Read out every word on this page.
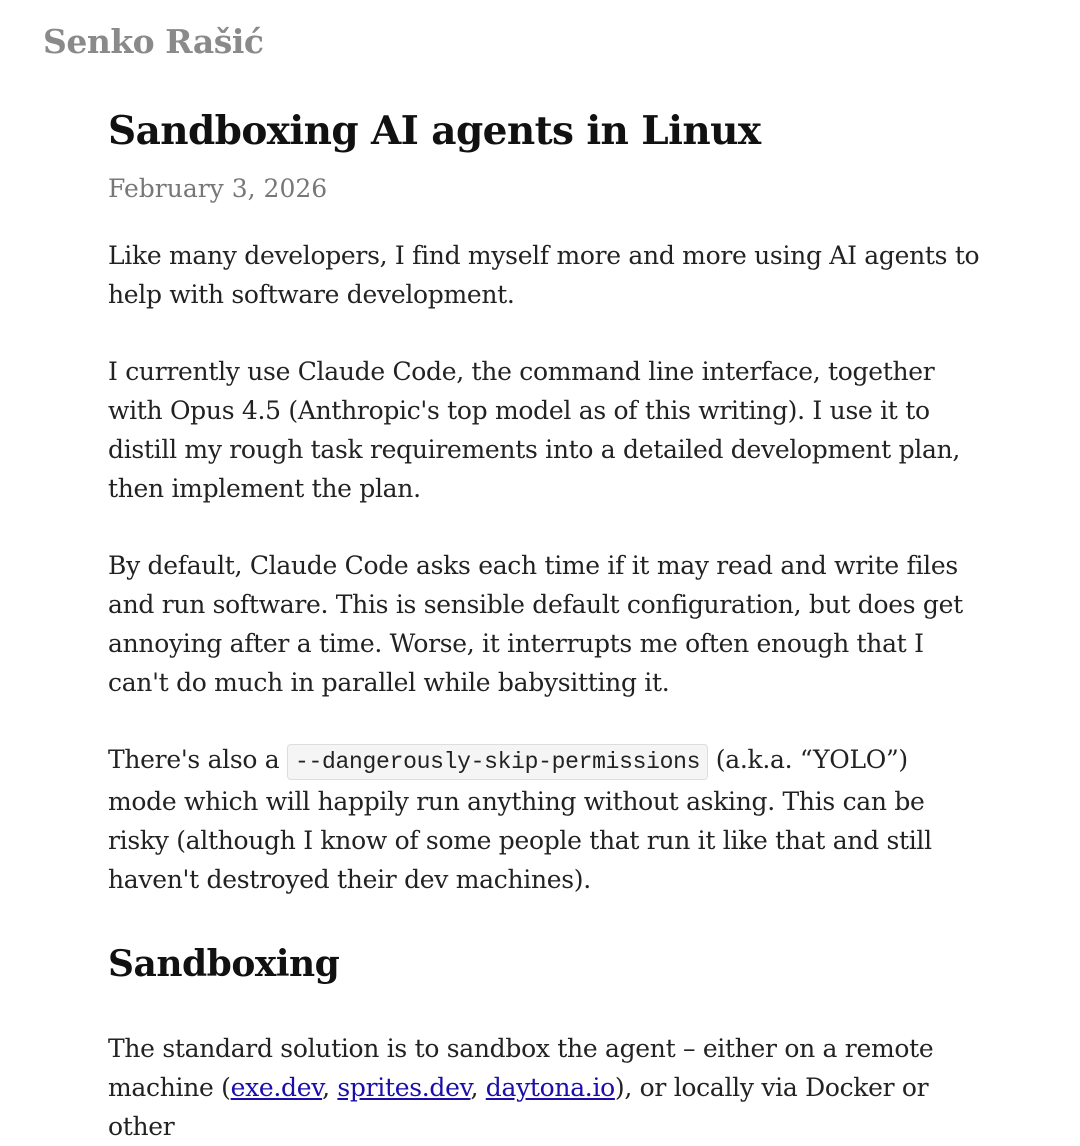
Senko Rašić
Sandboxing AI agents in Linux
February 3, 2026

Like many developers, I find myself more and more using AI agents to help with software development.

I currently use Claude Code, the command line interface, together with Opus 4.5 (Anthropic's top model as of this writing). I use it to distill my rough task requirements into a detailed development plan, then implement the plan.

By default, Claude Code asks each time if it may read and write files and run software. This is sensible default configuration, but does get annoying after a time. Worse, it interrupts me often enough that I can't do much in parallel while babysitting it.

There's also a --dangerously-skip-permissions (a.k.a. “YOLO”) mode which will happily run anything without asking. This can be risky (although I know of some people that run it like that and still haven't destroyed their dev machines).

Sandboxing

The standard solution is to sandbox the agent – either on a remote machine (exe.dev, sprites.dev, daytona.io), or locally via Docker or other
